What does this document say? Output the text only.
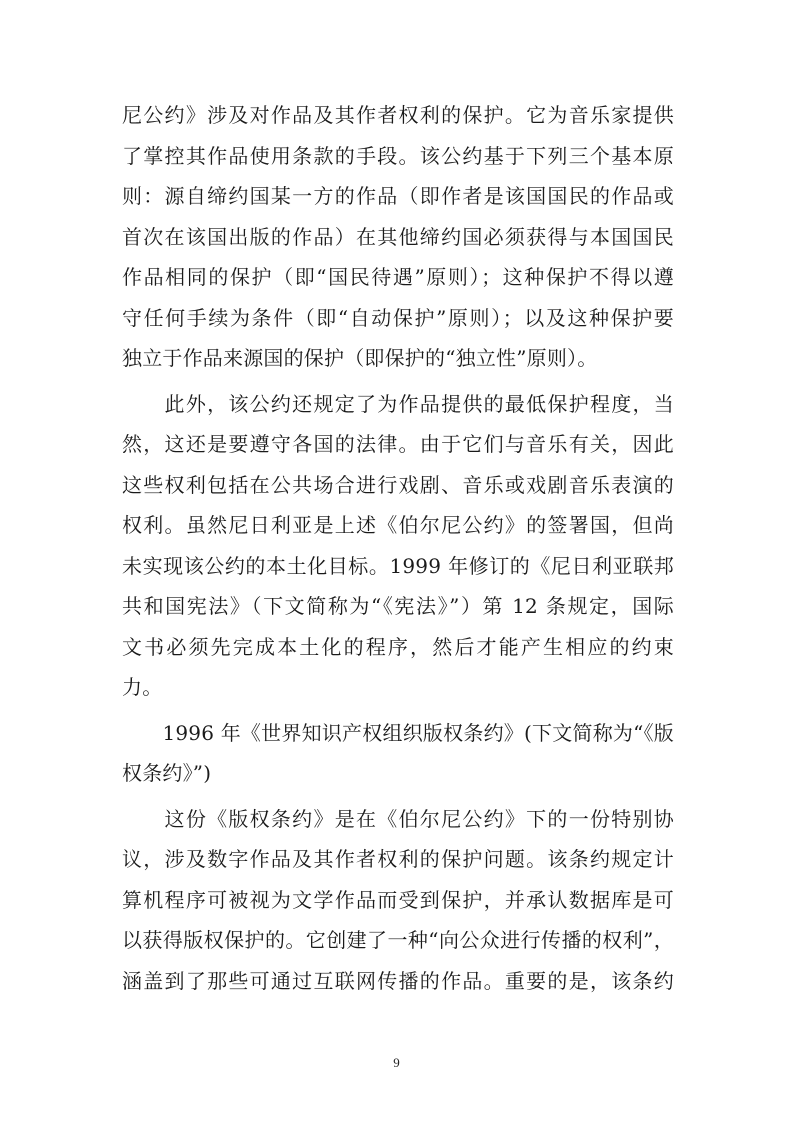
尼公约》涉及对作品及其作者权利的保护。它为音乐家提供
了掌控其作品使用条款的手段。该公约基于下列三个基本原
则：源自缔约国某一方的作品（即作者是该国国民的作品或
首次在该国出版的作品）在其他缔约国必须获得与本国国民
作品相同的保护（即“国民待遇”原则）；这种保护不得以遵
守任何手续为条件（即“自动保护”原则）；以及这种保护要
独立于作品来源国的保护（即保护的“独立性”原则）。
　　此外，该公约还规定了为作品提供的最低保护程度，当
然，这还是要遵守各国的法律。由于它们与音乐有关，因此
这些权利包括在公共场合进行戏剧、音乐或戏剧音乐表演的
权利。虽然尼日利亚是上述《伯尔尼公约》的签署国，但尚
未实现该公约的本土化目标。1999 年修订的《尼日利亚联邦
共和国宪法》（下文简称为“《宪法》”）第 12 条规定，国际
文书必须先完成本土化的程序，然后才能产生相应的约束
力。
　　1996 年《世界知识产权组织版权条约》(下文简称为“《版
权条约》”)
　　这份《版权条约》是在《伯尔尼公约》下的一份特别协
议，涉及数字作品及其作者权利的保护问题。该条约规定计
算机程序可被视为文学作品而受到保护，并承认数据库是可
以获得版权保护的。它创建了一种“向公众进行传播的权利”，
涵盖到了那些可通过互联网传播的作品。重要的是，该条约
9
